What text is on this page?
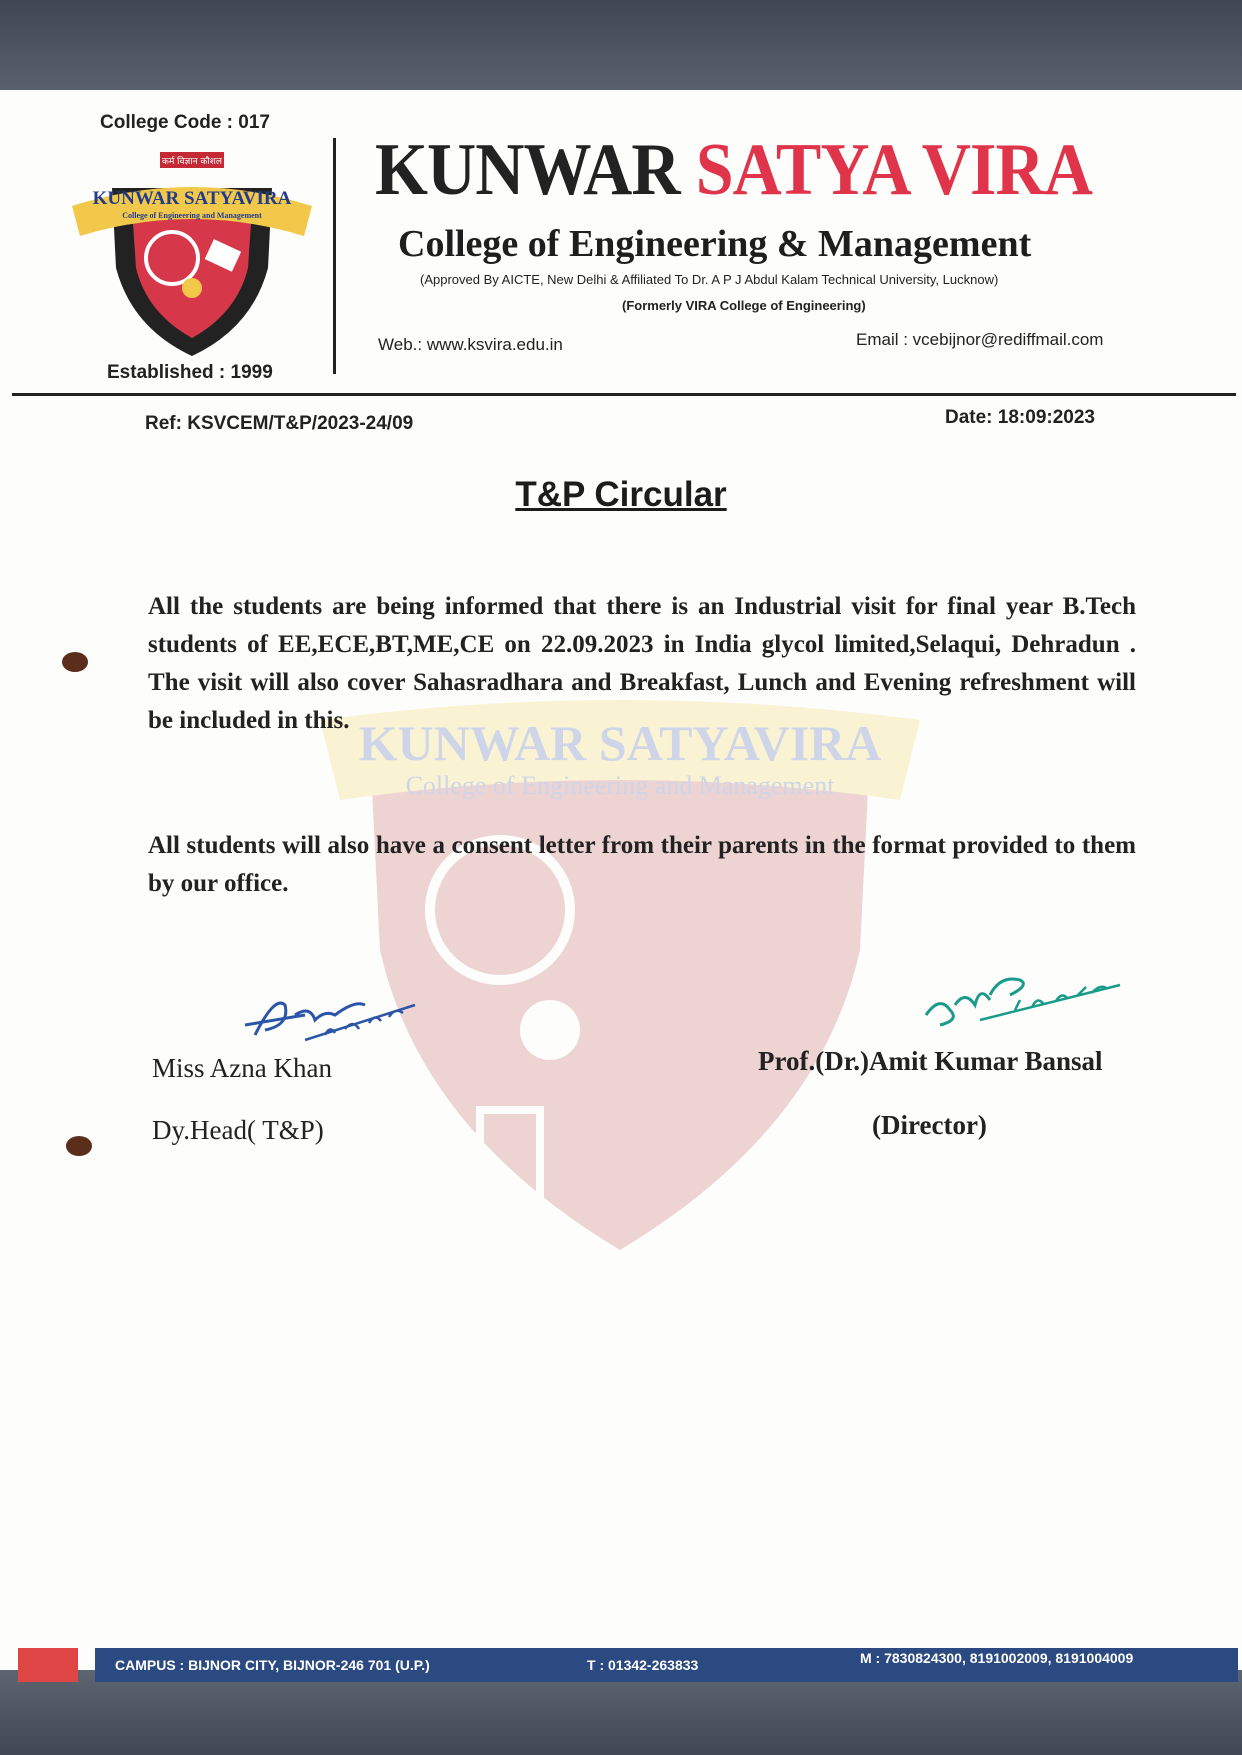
KUNWAR SATYAVIRA
College of Engineering and Management
College Code : 017
कर्म विज्ञान कौशल
KUNWAR SATYAVIRA
College of Engineering and Management
Established : 1999
KUNWAR SATYA VIRA
College of Engineering & Management
(Approved By AICTE, New Delhi & Affiliated To Dr. A P J Abdul Kalam Technical University, Lucknow)
(Formerly VIRA College of Engineering)
Web.: www.ksvira.edu.in	Email : vcebijnor@rediffmail.com
Ref: KSVCEM/T&P/2023-24/09	Date: 18:09:2023
T&P Circular

All the students are being informed that there is an Industrial visit for final year B.Tech students of EE,ECE,BT,ME,CE on 22.09.2023 in India glycol limited,Selaqui, Dehradun . The visit will also cover Sahasradhara and Breakfast, Lunch and Evening refreshment will be included in this.

All students will also have a consent letter from their parents in the format provided to them by our office.

Miss Azna Khan
Dy.Head( T&P)
Prof.(Dr.)Amit Kumar Bansal
(Director)
CAMPUS : BIJNOR CITY, BIJNOR-246 701 (U.P.)	T : 01342-263833	M : 7830824300, 8191002009, 8191004009
